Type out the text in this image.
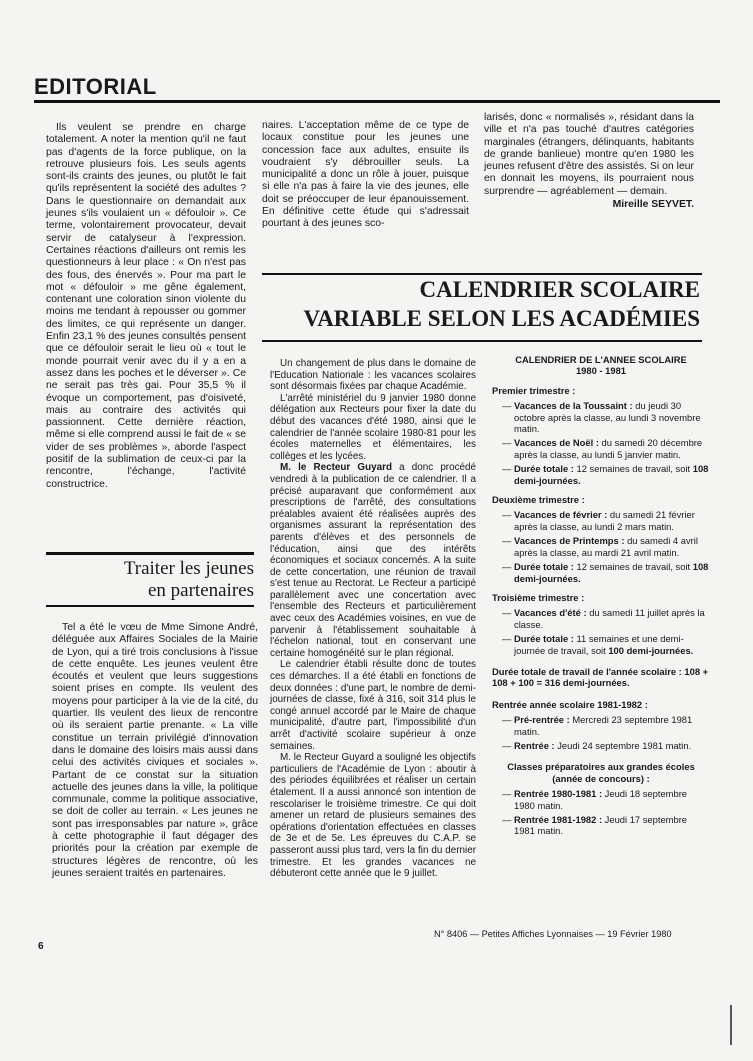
EDITORIAL

Ils veulent se prendre en charge totalement. A noter la mention qu'il ne faut pas d'agents de la force publique, on la retrouve plusieurs fois. Les seuls agents sont-ils craints des jeunes, ou plutôt le fait qu'ils représentent la société des adultes ? Dans le questionnaire on demandait aux jeunes s'ils voulaient un « défouloir ». Ce terme, volontairement provocateur, devait servir de catalyseur à l'expression. Certaines réactions d'ailleurs ont remis les questionneurs à leur place : « On n'est pas des fous, des énervés ». Pour ma part le mot « défouloir » me gêne également, contenant une coloration sinon violente du moins me tendant à repousser ou gommer des limites, ce qui représente un danger. Enfin 23,1 % des jeunes consultés pensent que ce défouloir serait le lieu où « tout le monde pourrait venir avec du il y a en a assez dans les poches et le déverser ». Ce ne serait pas très gai. Pour 35,5 % il évoque un comportement, pas d'oisiveté, mais au contraire des activités qui passionnent. Cette dernière réaction, même si elle comprend aussi le fait de « se vider de ses problèmes », aborde l'aspect positif de la sublimation de ceux-ci par la rencontre, l'échange, l'activité constructrice.

naires. L'acceptation même de ce type de locaux constitue pour les jeunes une concession face aux adultes, ensuite ils voudraient s'y débrouiller seuls. La municipalité a donc un rôle à jouer, puisque si elle n'a pas à faire la vie des jeunes, elle doit se préoccuper de leur épanouissement. En définitive cette étude qui s'adressait pourtant à des jeunes sco-

larisés, donc « normalisés », résidant dans la ville et n'a pas touché d'autres catégories marginales (étrangers, délinquants, habitants de grande banlieue) montre qu'en 1980 les jeunes refusent d'être des assistés. Si on leur en donnait les moyens, ils pourraient nous surprendre — agréablement — demain.

Mireille SEYVET.
Traiter les jeunes
en partenaires

Tel a été le vœu de Mme Simone André, déléguée aux Affaires Sociales de la Mairie de Lyon, qui a tiré trois conclusions à l'issue de cette enquête. Les jeunes veulent être écoutés et veulent que leurs suggestions soient prises en compte. Ils veulent des moyens pour participer à la vie de la cité, du quartier. Ils veulent des lieux de rencontre où ils seraient partie prenante. « La ville constitue un terrain privilégié d'innovation dans le domaine des loisirs mais aussi dans celui des activités civiques et sociales ». Partant de ce constat sur la situation actuelle des jeunes dans la ville, la politique communale, comme la politique associative, se doit de coller au terrain. « Les jeunes ne sont pas irresponsables par nature », grâce à cette photographie il faut dégager des priorités pour la création par exemple de structures légères de rencontre, où les jeunes seraient traités en partenaires.

CALENDRIER SCOLAIRE
VARIABLE SELON LES ACADÉMIES

Un changement de plus dans le domaine de l'Education Nationale : les vacances scolaires sont désormais fixées par chaque Académie.

L'arrêté ministériel du 9 janvier 1980 donne délégation aux Recteurs pour fixer la date du début des vacances d'été 1980, ainsi que le calendrier de l'année scolaire 1980-81 pour les écoles maternelles et élémentaires, les collèges et les lycées.

M. le Recteur Guyard a donc procédé vendredi à la publication de ce calendrier. Il a précisé auparavant que conformément aux prescriptions de l'arrêté, des consultations préalables avaient été réalisées auprès des organismes assurant la représentation des parents d'élèves et des personnels de l'éducation, ainsi que des intérêts économiques et sociaux concernés. A la suite de cette concertation, une réunion de travail s'est tenue au Rectorat. Le Recteur a participé parallèlement avec une concertation avec l'ensemble des Recteurs et particulièrement avec ceux des Académies voisines, en vue de parvenir à l'établissement souhaitable à l'échelon national, tout en conservant une certaine homogénéité sur le plan régional.

Le calendrier établi résulte donc de toutes ces démarches. Il a été établi en fonctions de deux données : d'une part, le nombre de demi-journées de classe, fixé à 316, soit 314 plus le congé annuel accordé par le Maire de chaque municipalité, d'autre part, l'impossibilité d'un arrêt d'activité scolaire supérieur à onze semaines.

M. le Recteur Guyard a souligné les objectifs particuliers de l'Académie de Lyon : aboutir à des périodes équilibrées et réaliser un certain étalement. Il a aussi annoncé son intention de rescolariser le troisième trimestre. Ce qui doit amener un retard de plusieurs semaines des opérations d'orientation effectuées en classes de 3e et de 5e. Les épreuves du C.A.P. se passeront aussi plus tard, vers la fin du dernier trimestre. Et les grandes vacances ne débuteront cette année que le 9 juillet.

CALENDRIER DE L'ANNEE SCOLAIRE
1980 - 1981
Premier trimestre :
— Vacances de la Toussaint : du jeudi 30 octobre après la classe, au lundi 3 novembre matin.
— Vacances de Noël : du samedi 20 décembre après la classe, au lundi 5 janvier matin.
— Durée totale : 12 semaines de travail, soit 108 demi-journées.
Deuxième trimestre :
— Vacances de février : du samedi 21 février après la classe, au lundi 2 mars matin.
— Vacances de Printemps : du samedi 4 avril après la classe, au mardi 21 avril matin.
— Durée totale : 12 semaines de travail, soit 108 demi-journées.
Troisième trimestre :
— Vacances d'été : du samedi 11 juillet après la classe.
— Durée totale : 11 semaines et une demi-journée de travail, soit 100 demi-journées.
Durée totale de travail de l'année scolaire : 108 + 108 + 100 = 316 demi-journées.
Rentrée année scolaire 1981-1982 :
— Pré-rentrée : Mercredi 23 septembre 1981 matin.
— Rentrée : Jeudi 24 septembre 1981 matin.
Classes préparatoires aux grandes écoles (année de concours) :
— Rentrée 1980-1981 : Jeudi 18 septembre 1980 matin.
— Rentrée 1981-1982 : Jeudi 17 septembre 1981 matin.
6
N° 8406 — Petites Affiches Lyonnaises — 19 Février 1980
